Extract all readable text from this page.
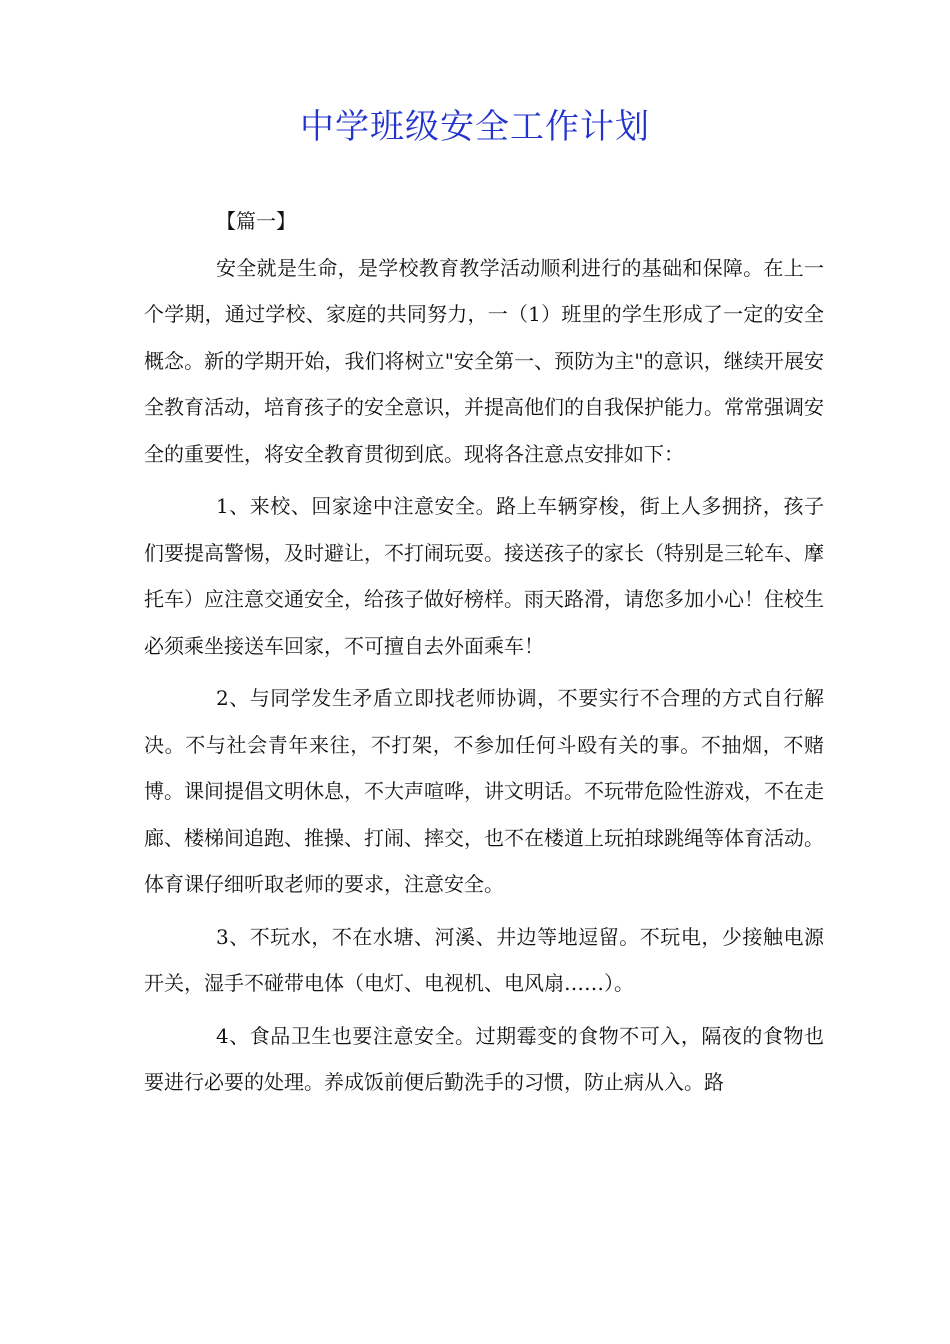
中学班级安全工作计划

【篇一】

安全就是生命，是学校教育教学活动顺利进行的基础和保障。在上一个学期，通过学校、家庭的共同努力，一（1）班里的学生形成了一定的安全概念。新的学期开始，我们将树立"安全第一、预防为主"的意识，继续开展安全教育活动，培育孩子的安全意识，并提高他们的自我保护能力。常常强调安全的重要性，将安全教育贯彻到底。现将各注意点安排如下：

1、来校、回家途中注意安全。路上车辆穿梭，街上人多拥挤，孩子们要提高警惕，及时避让，不打闹玩耍。接送孩子的家长（特别是三轮车、摩托车）应注意交通安全，给孩子做好榜样。雨天路滑，请您多加小心！住校生必须乘坐接送车回家，不可擅自去外面乘车！

2、与同学发生矛盾立即找老师协调，不要实行不合理的方式自行解决。不与社会青年来往，不打架，不参加任何斗殴有关的事。不抽烟，不赌博。课间提倡文明休息，不大声喧哗，讲文明话。不玩带危险性游戏，不在走廊、楼梯间追跑、推操、打闹、摔交，也不在楼道上玩拍球跳绳等体育活动。体育课仔细听取老师的要求，注意安全。

3、不玩水，不在水塘、河溪、井边等地逗留。不玩电，少接触电源开关，湿手不碰带电体（电灯、电视机、电风扇……）。

4、食品卫生也要注意安全。过期霉变的食物不可入，隔夜的食物也要进行必要的处理。养成饭前便后勤洗手的习惯，防止病从入。路
